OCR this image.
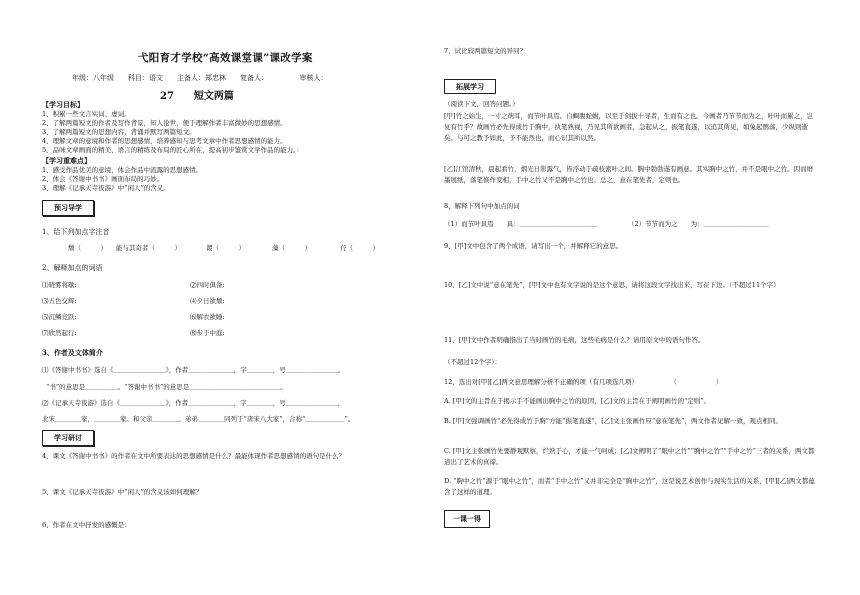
弋阳育才学校“高效课堂课”课改学案
年级：八年级　　科目：语文　　主备人：郑忠林　　复备人：　　　　　审核人：
27　　短文两篇
【学习目标】
1、积累一些文言实词、虚词。
2、了解两篇短文的作者及写作背景，知人论世，便于理解作者丰富微妙的思想感情。
3、了解两篇短文的思想内容，背诵并默写两篇短文。
4、理解文章的意境和作者的思想感情，培养感知与思考文章中作者思想感情的能力。
5、品味文章画面的精美、语言的精练及布局的匠心所在，提高初步鉴赏文学作品的能力。：
【学习重难点】
1、感受作品优美的意境，体会作品中流露的思想感情。
2、体会《答谢中书书》画面布局的巧妙。
3、理解《记承天寺夜游》中“闲人”的含义。
预习导学
1、给下列加点字注音
颓（　　　） 能与其奇者（　　　）	谡（　　　）	藻（　　　）	荇（　　　）
2、解释加点的词语
⑴晓雾将歇:	⑵四时俱备:
⑶五色交辉:	⑷夕日欲颓:
⑸沉鳞竞跃:	⑹解衣欲睡:
⑺欣然起行:	⑻步于中庭:
3、作者及文体简介
⑴《答谢中书书》选自《＿＿＿＿＿＿＿＿》，作者＿＿＿＿＿＿＿，字＿＿＿＿，号＿＿＿＿＿＿＿＿。
“书”的意思是＿＿＿＿＿。“答谢中书书”的意思是＿＿＿＿＿＿＿＿＿＿＿＿＿＿。
⑵《记承天寺夜游》选自《＿＿＿＿＿＿＿》，作者＿＿＿＿＿＿＿，字＿＿＿＿，号＿＿＿＿＿＿＿＿，
北宋＿＿＿＿家，＿＿＿＿家。和父亲＿＿＿＿、弟弟＿＿＿＿同列于“唐宋八大家”，合称“＿＿＿＿＿＿”。
学习研讨
4、课文《答谢中书书》的作者在文中所要表达的思想感情是什么？最能体现作者思想感情的语句是什么？
5、课文《记承天寺夜游》中“闲人”的含义该如何理解？
6、作者在文中抒发的感慨是：
7、试比较两篇短文的异同？
拓展学习
（阅读下文，回答问题。）
[甲]竹之始生，一寸之萌耳，而节叶具焉。自蜩腹蛇蚹，以至于剑拔十寻者，生而有之也。今画者乃节节而为之，叶叶而累之，岂复有竹乎？故画竹必先得成竹于胸中，执笔熟视，乃见其所欲画者，急起从之，振笔直遂，以追其所见，如兔起鹘落，少纵则逝矣。与可之教予如此，予不能然也，而心识其所以然。
[乙]江馆清秋，晨起看竹，烟光日影露气，皆浮动于疏枝密叶之间。胸中勃勃遂有画意。其实胸中之竹，并不是眼中之竹。因而磨墨展纸，落笔倏作变相，手中之竹又不是胸中之竹也。总之，意在笔先者，定则也。
8、解释下列句中加点的词
（1）而节叶具焉　　具：＿＿＿＿＿＿＿＿＿＿＿＿	（2）节节而为之　　为：＿＿＿＿＿＿＿＿＿＿
9、[甲]文中包含了两个成语，请写出一个，并解释它的意思。
10、[乙]文中说“意在笔先”，[甲]文中也有文字说的是这个意思，请将这段文字找出来，写在下边。（不超过11个字）
11、[甲]文中作者明确指出了当时画竹的毛病，这些毛病是什么？请用原文中的语句作答。
（不超过12个字）：
12、选出对[甲][乙]两文意思理解分析不正确的项（有几项选几项）　　　　　　（　　　　　　）
A. [甲]文的主旨在于揭示手不能画出胸中之竹的原因，[乙]文的主旨在于阐明画竹的“定则”。
B. [甲]文强调画竹“必先得成竹于胸”方能“振笔直遂”，[乙]文主张画竹应“意在笔先”，两文作者见解一致，观点相同。
C. [甲]文主张画竹先要静观默察，烂熟于心，才能一气呵成；[乙]文阐明了“眼中之竹”“胸中之竹”“手中之竹”三者的关系，两文都道出了艺术的真谛。
D. “胸中之竹”源于“眼中之竹”，而者“手中之竹”又并非完全是“胸中之竹”，这是说艺术创作与现实生活的关系，[甲][乙]两文都蕴含了这样的道理。
一课一得
